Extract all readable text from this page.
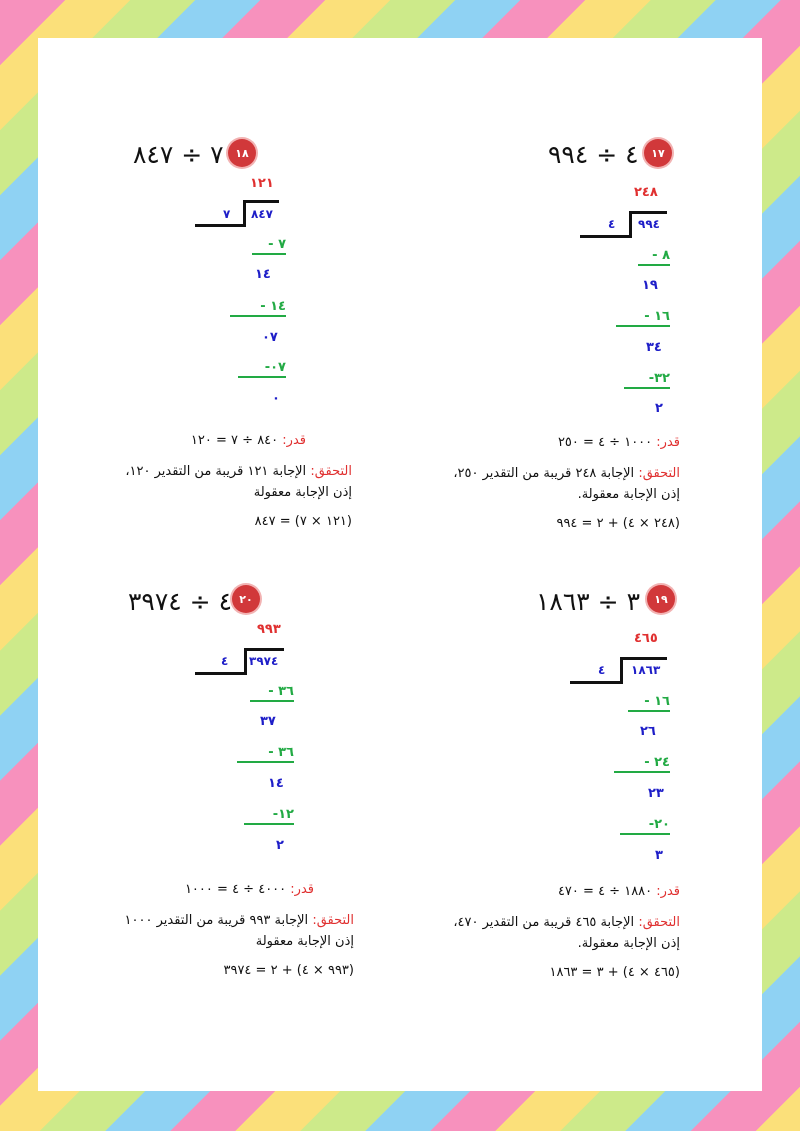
٤ ÷ ٩٩٤	١٧
٢٤٨
٩٩٤
٤
٨ -
١٩
١٦ -
٣٤
٣٢-
٢
قدر: ١٠٠٠ ÷ ٤ = ٢٥٠
التحقق: الإجابة ٢٤٨ قريبة من التقدير ٢٥٠،
إذن الإجابة معقولة.
(٢٤٨ × ٤) + ٢ = ٩٩٤
٧ ÷ ٨٤٧	١٨
١٢١
٨٤٧
٧
٧ -
١٤
١٤ -
٠٧
٠٧-
٠
قدر: ٨٤٠ ÷ ٧ = ١٢٠
التحقق: الإجابة ١٢١ قريبة من التقدير ١٢٠،
إذن الإجابة معقولة
(١٢١ × ٧) = ٨٤٧
٣ ÷ ١٨٦٣	١٩
٤٦٥
١٨٦٣
٤
١٦ -
٢٦
٢٤ -
٢٣
٢٠-
٣
قدر: ١٨٨٠ ÷ ٤ = ٤٧٠
التحقق: الإجابة ٤٦٥ قريبة من التقدير ٤٧٠،
إذن الإجابة معقولة.
(٤٦٥ × ٤) + ٣ = ١٨٦٣
٤ ÷ ٣٩٧٤ ٢٠
٩٩٣
٣٩٧٤
٤
٣٦ -
٣٧
٣٦ -
١٤
١٢-
٢
قدر: ٤٠٠٠ ÷ ٤ = ١٠٠٠
التحقق: الإجابة ٩٩٣ قريبة من التقدير ١٠٠٠
إذن الإجابة معقولة
(٩٩٣ × ٤) + ٢ = ٣٩٧٤
